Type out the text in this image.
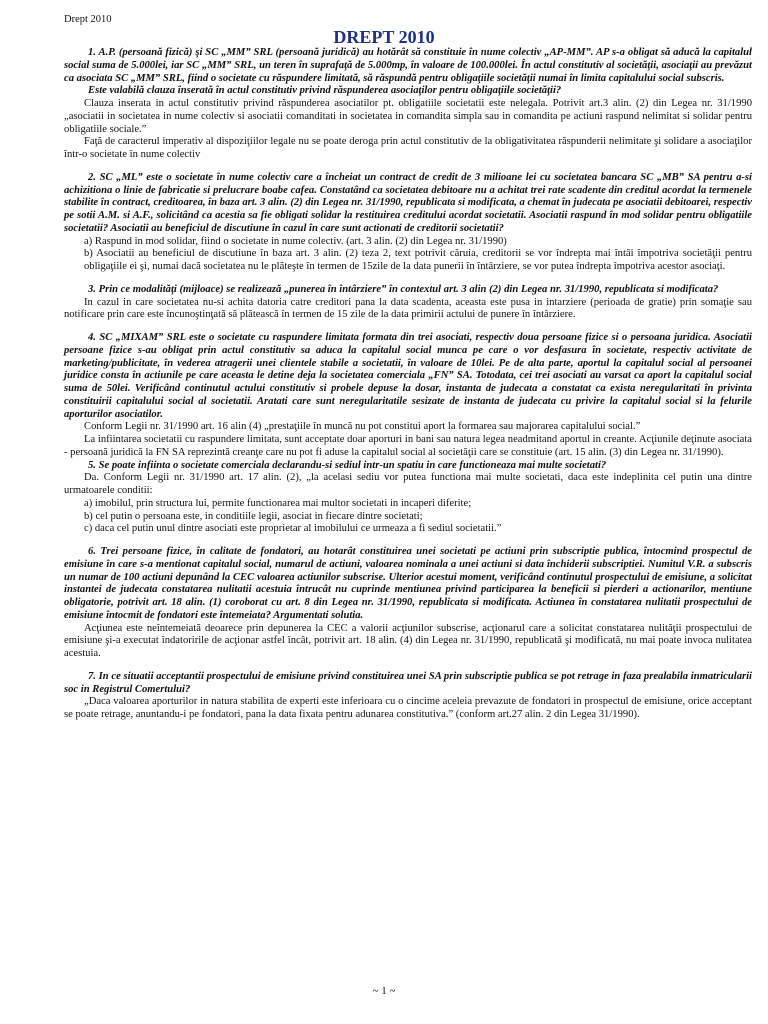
Drept 2010
DREPT 2010

1. A.P. (persoană fizică) şi SC „MM” SRL (persoană juridică) au hotărât să constituie în nume colectiv „AP-MM”. AP s-a obligat să aducă la capitalul social suma de 5.000lei, iar SC „MM” SRL, un teren în suprafaţă de 5.000mp, în valoare de 100.000lei. În actul constitutiv al societăţii, asociaţii au prevăzut ca asociata SC „MM” SRL, fiind o societate cu răspundere limitată, să răspundă pentru obligaţiile societăţii numai în limita capitalului social subscris.

Este valabilă clauza înserată în actul constitutiv privind răspunderea asociaţilor pentru obligaţiile societăţii?

Clauza inserata in actul constitutiv privind răspunderea asociatilor pt. obligatiile societatii este nelegala. Potrivit art.3 alin. (2) din Legea nr. 31/1990 „asociatii in societatea in nume colectiv si asociatii comanditati in societatea in comandita simpla sau in comandita pe actiuni raspund nelimitat si solidar pentru obligatiile sociale.”

Faţă de caracterul imperativ al dispoziţiilor legale nu se poate deroga prin actul constitutiv de la obligativitatea răspunderii nelimitate şi solidare a asociaţilor într-o societate în nume colectiv

2. SC „ML” este o societate în nume colectiv care a încheiat un contract de credit de 3 milioane lei cu societatea bancara SC „MB” SA pentru a-si achizitiona o linie de fabricatie si prelucrare boabe cafea. Constatând ca societatea debitoare nu a achitat trei rate scadente din creditul acordat la termenele stabilite în contract, creditoarea, în baza art. 3 alin. (2) din Legea nr. 31/1990, republicata si modificata, a chemat în judecata pe asociatii debitoarei, respectiv pe sotii A.M. si A.F., solicitând ca acestia sa fie obligati solidar la restituirea creditului acordat societatii. Asociatii raspund în mod solidar pentru obligatiile societatii? Asociatii au beneficiul de discutiune în cazul în care sunt actionati de creditorii societatii?

a) Raspund in mod solidar, fiind o societate in nume colectiv. (art. 3 alin. (2) din Legea nr. 31/1990)

b) Asociatii au beneficiul de discutiune în baza art. 3 alin. (2) teza 2, text potrivit căruia, creditorii se vor îndrepta mai întâi împotriva societăţii pentru obligaţiile ei şi, numai dacă societatea nu le plăteşte în termen de 15zile de la data punerii în întârziere, se vor putea îndrepta împotriva acestor asociaţi.

3. Prin ce modalităţi (mijloace) se realizează „punerea în întârziere” în contextul art. 3 alin (2) din Legea nr. 31/1990, republicata si modificata?

In cazul in care societatea nu-si achita datoria catre creditori pana la data scadenta, aceasta este pusa in intarziere (perioada de gratie) prin somaţie sau notificare prin care este încunoştinţată să plătească în termen de 15 zile de la data primirii actului de punere în întârziere.

4. SC „MIXAM” SRL este o societate cu raspundere limitata formata din trei asociati, respectiv doua persoane fizice si o persoana juridica. Asociatii persoane fizice s-au obligat prin actul constitutiv sa aduca la capitalul social munca pe care o vor desfasura în societate, respectiv activitate de marketing/publicitate, în vederea atragerii unei clientele stabile a societatii, în valoare de 10lei. Pe de alta parte, aportul la capitalul social al persoanei juridice consta în actiunile pe care aceasta le detine deja la societatea comerciala „FN” SA. Totodata, cei trei asociati au varsat ca aport la capitalul social suma de 50lei. Verificând continutul actului constitutiv si probele depuse la dosar, instanta de judecata a constatat ca exista neregularitati în privinta constituirii capitalului social al societatii. Aratati care sunt neregularitatile sesizate de instanta de judecata cu privire la capitalul social si la felurile aporturilor asociatilor.

Conform Legii nr. 31/1990 art. 16 alin (4) „prestaţiile în muncă nu pot constitui aport la formarea sau majorarea capitalului social.”

La infiintarea societatii cu raspundere limitata, sunt acceptate doar aporturi in bani sau natura legea neadmitand aportul in creante. Acţiunile deţinute asociata - persoană juridică la FN SA reprezintă creanţe care nu pot fi aduse la capitalul social al societăţii care se constituie (art. 15 alin. (3) din Legea nr. 31/1990).

5. Se poate infiinta o societate comerciala declarandu-si sediul intr-un spatiu in care functioneaza mai multe societati?

Da. Conform Legii nr. 31/1990 art. 17 alin. (2), „la acelasi sediu vor putea functiona mai multe societati, daca este indeplinita cel putin una dintre urmatoarele conditii:

a) imobilul, prin structura lui, permite functionarea mai multor societati in incaperi diferite;

b) cel putin o persoana este, in conditiile legii, asociat in fiecare dintre societati;

c) daca cel putin unul dintre asociati este proprietar al imobilului ce urmeaza a fi sediul societatii.”

6. Trei persoane fizice, în calitate de fondatori, au hotarât constituirea unei societati pe actiuni prin subscriptie publica, întocmind prospectul de emisiune în care s-a mentionat capitalul social, numarul de actiuni, valoarea nominala a unei actiuni si data închiderii subscriptiei. Numitul V.R. a subscris un numar de 100 actiuni depunând la CEC valoarea actiunilor subscrise. Ulterior acestui moment, verificând continutul prospectului de emisiune, a solicitat instantei de judecata constatarea nulitatii acestuia întrucât nu cuprinde mentiunea privind participarea la beneficii si pierderi a actionarilor, mentiune obligatorie, potrivit art. 18 alin. (1) coroborat cu art. 8 din Legea nr. 31/1990, republicata si modificata. Actiunea în constatarea nulitatii prospectului de emisiune întocmit de fondatori este întemeiata? Argumentati solutia.

Acţiunea este neîntemeiată deoarece prin depunerea la CEC a valorii acţiunilor subscrise, acţionarul care a solicitat constatarea nulităţii prospectului de emisiune şi-a executat îndatoririle de acţionar astfel încât, potrivit art. 18 alin. (4) din Legea nr. 31/1990, republicată şi modificată, nu mai poate invoca nulitatea acestuia.

7. In ce situatii acceptantii prospectului de emisiune privind constituirea unei SA prin subscriptie publica se pot retrage in faza prealabila inmatricularii soc in Registrul Comertului?

„Daca valoarea aporturilor in natura stabilita de experti este inferioara cu o cincime aceleia prevazute de fondatori in prospectul de emisiune, orice acceptant se poate retrage, anuntandu-i pe fondatori, pana la data fixata pentru adunarea constitutiva.” (conform art.27 alin. 2 din Legea 31/1990).

~ 1 ~
